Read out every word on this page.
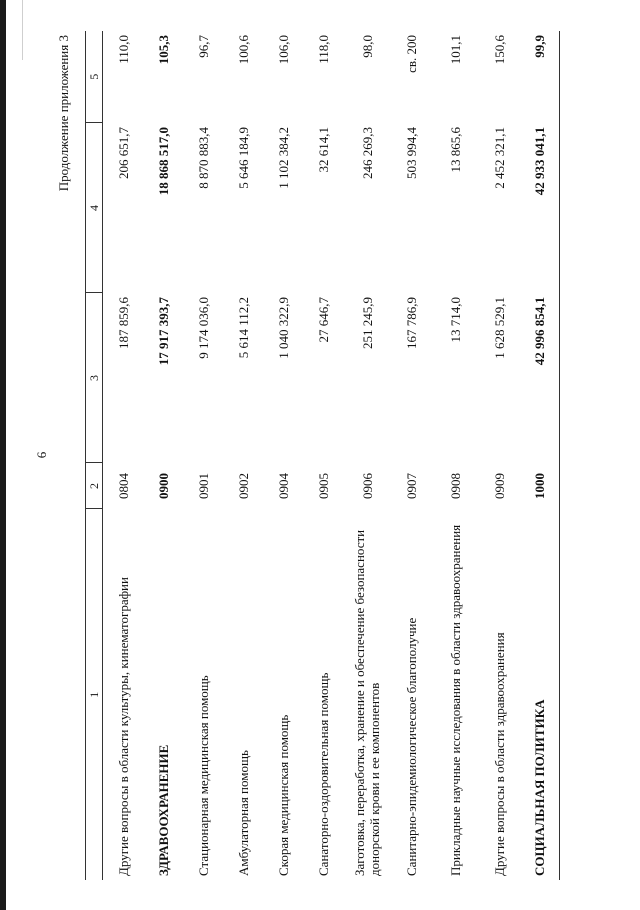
6
Продолжение приложения 3
1	2	3	4	5
Другие вопросы в области культуры, кинематографии	0804	187 859,6	206 651,7	110,0
ЗДРАВООХРАНЕНИЕ	0900	17 917 393,7	18 868 517,0	105,3
Стационарная медицинская помощь	0901	9 174 036,0	8 870 883,4	96,7
Амбулаторная помощь	0902	5 614 112,2	5 646 184,9	100,6
Скорая медицинская помощь	0904	1 040 322,9	1 102 384,2	106,0
Санаторно-оздоровительная помощь	0905	27 646,7	32 614,1	118,0
Заготовка, переработка, хранение и обеспечение безопасности донорской крови и ее компонентов	0906	251 245,9	246 269,3	98,0
Санитарно-эпидемиологическое благополучие	0907	167 786,9	503 994,4	св. 200
Прикладные научные исследования в области здравоохранения	0908	13 714,0	13 865,6	101,1
Другие вопросы в области здравоохранения	0909	1 628 529,1	2 452 321,1	150,6
СОЦИАЛЬНАЯ ПОЛИТИКА	1000	42 996 854,1	42 933 041,1	99,9
